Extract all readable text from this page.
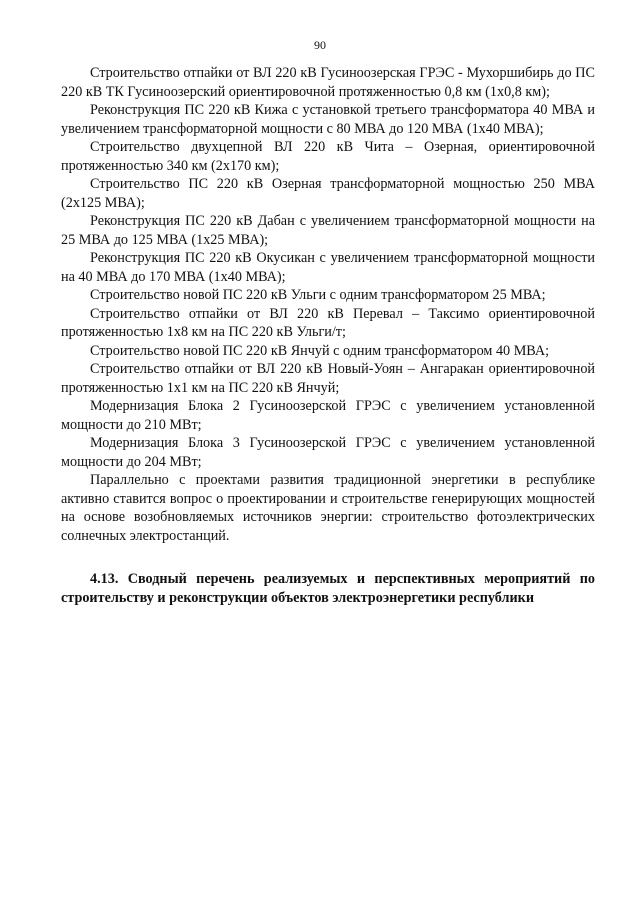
90

Строительство отпайки от ВЛ 220 кВ Гусиноозерская ГРЭС - Мухоршибирь до ПС 220 кВ ТК Гусиноозерский ориентировочной протяженностью 0,8 км (1х0,8 км);

Реконструкция ПС 220 кВ Кижа с установкой третьего трансформатора 40 МВА и увеличением трансформаторной мощности с 80 МВА до 120 МВА (1х40 МВА);

Строительство двухцепной ВЛ 220 кВ Чита – Озерная, ориентировочной протяженностью 340 км (2х170 км);

Строительство ПС 220 кВ Озерная трансформаторной мощностью 250 МВА (2х125 МВА);

Реконструкция ПС 220 кВ Дабан с увеличением трансформаторной мощности на 25 МВА до 125 МВА (1х25 МВА);

Реконструкция ПС 220 кВ Окусикан с увеличением трансформаторной мощности на 40 МВА до 170 МВА (1х40 МВА);

Строительство новой ПС 220 кВ Ульги с одним трансформатором 25 МВА;

Строительство отпайки от ВЛ 220 кВ Перевал – Таксимо ориентировочной протяженностью 1х8 км на ПС 220 кВ Ульги/т;

Строительство новой ПС 220 кВ Янчуй с одним трансформатором 40 МВА;

Строительство отпайки от ВЛ 220 кВ Новый-Уоян – Ангаракан ориентировочной протяженностью 1х1 км на ПС 220 кВ Янчуй;

Модернизация Блока 2 Гусиноозерской ГРЭС с увеличением установленной мощности до 210 МВт;

Модернизация Блока 3 Гусиноозерской ГРЭС с увеличением установленной мощности до 204 МВт;

Параллельно с проектами развития традиционной энергетики в республике активно ставится вопрос о проектировании и строительстве генерирующих мощностей на основе возобновляемых источников энергии: строительство фотоэлектрических солнечных электростанций.

4.13. Сводный перечень реализуемых и перспективных мероприятий по строительству и реконструкции объектов электроэнергетики республики
